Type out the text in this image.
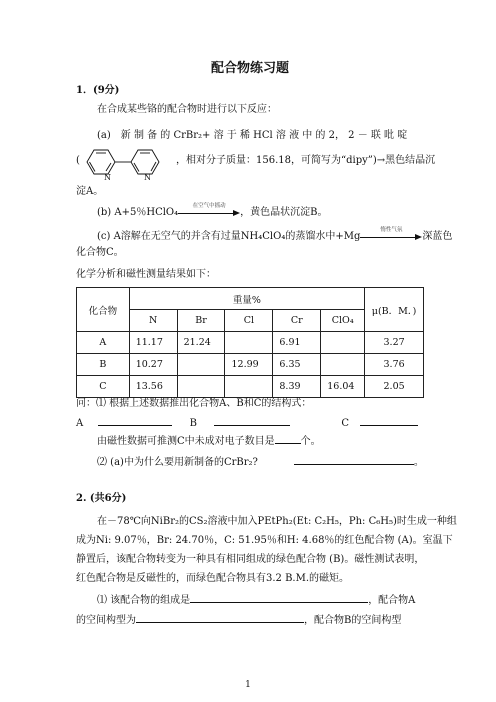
配合物练习题
1．(9分)
在合成某些铬的配合物时进行以下反应：
(a)　新 制 备 的 CrBr₂+ 溶 于 稀 HCl 溶 液 中 的 2， 2 － 联 吡 啶
(
N	N
，相对分子质量：156.18，可简写为“dipy”)→黑色结晶沉
淀A。
(b) A+5％HClO₄
在空气中摇动
，黄色晶状沉淀B。
(c) A溶解在无空气的并含有过量NH₄ClO₄的蒸馏水中+Mg
惰性气氛
深蓝色
化合物C。
化学分析和磁性测量结果如下：
化合物	重量%					μ(B．M．)
	N	Br	Cl	Cr	ClO₄	
A	11.17	21.24		6.91		3.27
B	10.27		12.99	6.35		3.76
C	13.56			8.39	16.04	2.05
问：⑴ 根据上述数据推出化合物A、B和C的结构式：
A	B	C
由磁性数据可推测C中未成对电子数目是	个。
⑵ (a)中为什么要用新制备的CrBr₂?	。
2. (共6分)
在－78℃向NiBr₂的CS₂溶液中加入PEtPh₂(Et: C₂H₅，Ph: C₆H₅)时生成一种组
成为Ni: 9.07％，Br: 24.70％，C: 51.95％和H: 4.68％的红色配合物 (A)。室温下
静置后，该配合物转变为一种具有相同组成的绿色配合物 (B)。磁性测试表明，
红色配合物是反磁性的，而绿色配合物具有3.2 B.M.的磁矩。
⑴ 该配合物的组成是	，配合物A
的空间构型为	，配合物B的空间构型
1
